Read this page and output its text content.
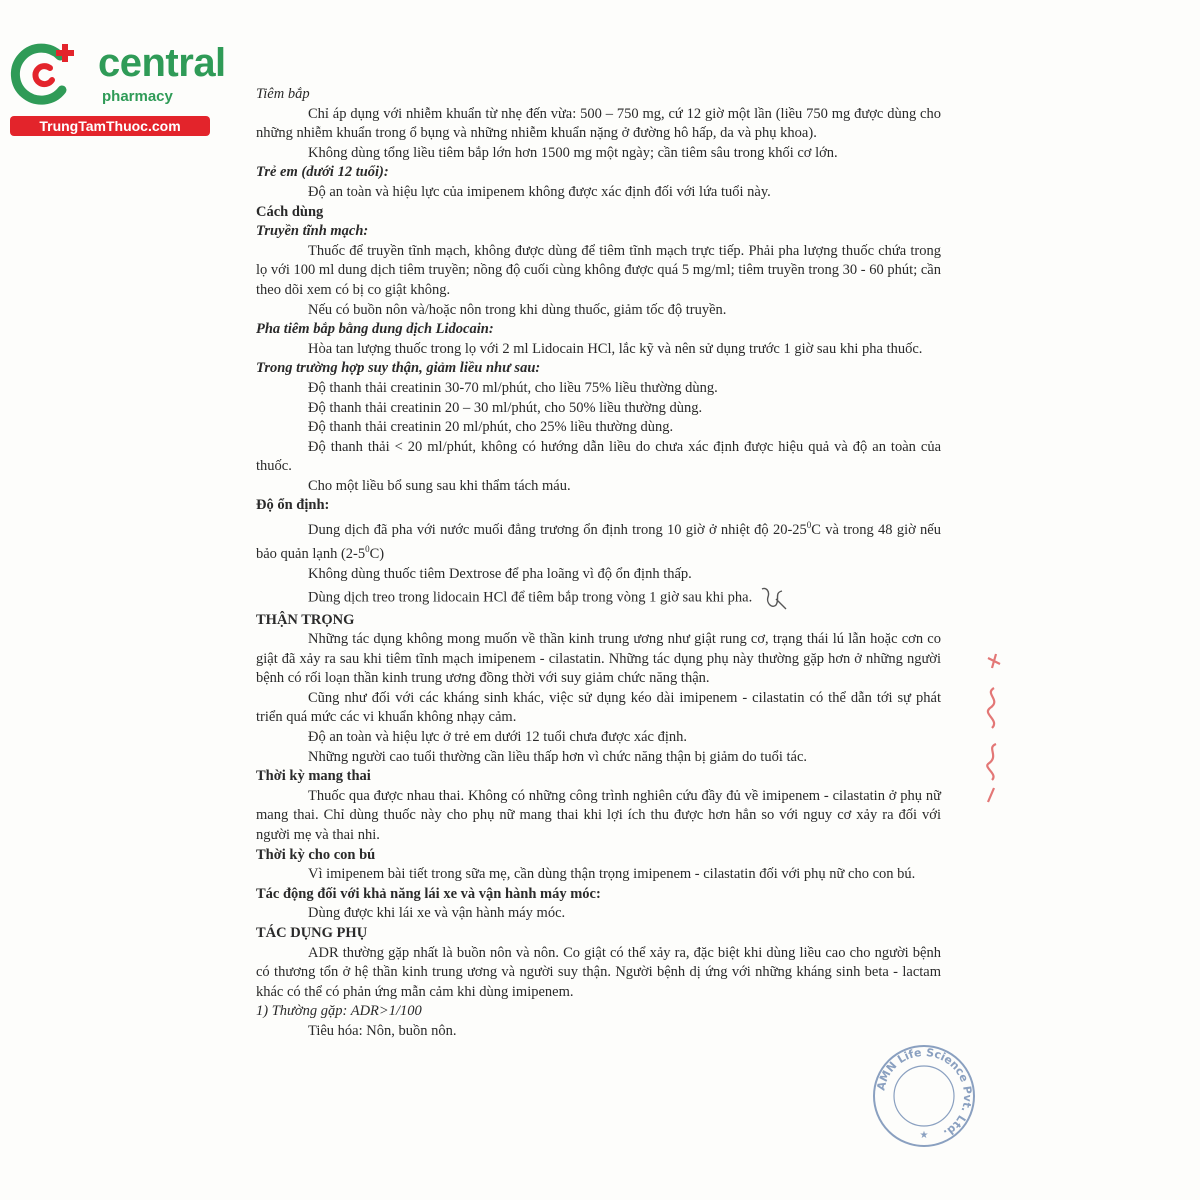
central
pharmacy
TrungTamThuoc.com

Tiêm bắp

Chỉ áp dụng với nhiễm khuẩn từ nhẹ đến vừa: 500 – 750 mg, cứ 12 giờ một lần (liều 750 mg được dùng cho những nhiễm khuẩn trong ổ bụng và những nhiễm khuẩn nặng ở đường hô hấp, da và phụ khoa).

Không dùng tổng liều tiêm bắp lớn hơn 1500 mg một ngày; cần tiêm sâu trong khối cơ lớn.

Trẻ em (dưới 12 tuổi):

Độ an toàn và hiệu lực của imipenem không được xác định đối với lứa tuổi này.

Cách dùng

Truyền tĩnh mạch:

Thuốc để truyền tĩnh mạch, không được dùng để tiêm tĩnh mạch trực tiếp. Phải pha lượng thuốc chứa trong lọ với 100 ml dung dịch tiêm truyền; nồng độ cuối cùng không được quá 5 mg/ml; tiêm truyền trong 30 - 60 phút; cần theo dõi xem có bị co giật không.

Nếu có buồn nôn và/hoặc nôn trong khi dùng thuốc, giảm tốc độ truyền.

Pha tiêm bắp bằng dung dịch Lidocain:

Hòa tan lượng thuốc trong lọ với 2 ml Lidocain HCl, lắc kỹ và nên sử dụng trước 1 giờ sau khi pha thuốc.

Trong trường hợp suy thận, giảm liều như sau:

Độ thanh thải creatinin 30-70 ml/phút, cho liều 75% liều thường dùng.

Độ thanh thải creatinin 20 – 30 ml/phút, cho 50% liều thường dùng.

Độ thanh thải creatinin 20 ml/phút, cho 25% liều thường dùng.

Độ thanh thải < 20 ml/phút, không có hướng dẫn liều do chưa xác định được hiệu quả và độ an toàn của thuốc.

Cho một liều bổ sung sau khi thẩm tách máu.

Độ ổn định:

Dung dịch đã pha với nước muối đẳng trương ổn định trong 10 giờ ở nhiệt độ $20-25^0C$ và trong 48 giờ nếu bảo quản lạnh $(2-5^0C)$

Không dùng thuốc tiêm Dextrose để pha loãng vì độ ổn định thấp.

Dùng dịch treo trong lidocain HCl để tiêm bắp trong vòng 1 giờ sau khi pha.

THẬN TRỌNG

Những tác dụng không mong muốn về thần kinh trung ương như giật rung cơ, trạng thái lú lẫn hoặc cơn co giật đã xảy ra sau khi tiêm tĩnh mạch imipenem - cilastatin. Những tác dụng phụ này thường gặp hơn ở những người bệnh có rối loạn thần kinh trung ương đồng thời với suy giảm chức năng thận.

Cũng như đối với các kháng sinh khác, việc sử dụng kéo dài imipenem - cilastatin có thể dẫn tới sự phát triển quá mức các vi khuẩn không nhạy cảm.

Độ an toàn và hiệu lực ở trẻ em dưới 12 tuổi chưa được xác định.

Những người cao tuổi thường cần liều thấp hơn vì chức năng thận bị giảm do tuổi tác.

Thời kỳ mang thai

Thuốc qua được nhau thai. Không có những công trình nghiên cứu đầy đủ về imipenem - cilastatin ở phụ nữ mang thai. Chỉ dùng thuốc này cho phụ nữ mang thai khi lợi ích thu được hơn hẳn so với nguy cơ xảy ra đối với người mẹ và thai nhi.

Thời kỳ cho con bú

Vì imipenem bài tiết trong sữa mẹ, cần dùng thận trọng imipenem - cilastatin đối với phụ nữ cho con bú.

Tác động đối với khả năng lái xe và vận hành máy móc:

Dùng được khi lái xe và vận hành máy móc.

TÁC DỤNG PHỤ

ADR thường gặp nhất là buồn nôn và nôn. Co giật có thể xảy ra, đặc biệt khi dùng liều cao cho người bệnh có thương tổn ở hệ thần kinh trung ương và người suy thận. Người bệnh dị ứng với những kháng sinh beta - lactam khác có thể có phản ứng mẫn cảm khi dùng imipenem.

1) Thường gặp: ADR>1/100

Tiêu hóa: Nôn, buồn nôn.

AMN Life Science Pvt. Ltd.
★
